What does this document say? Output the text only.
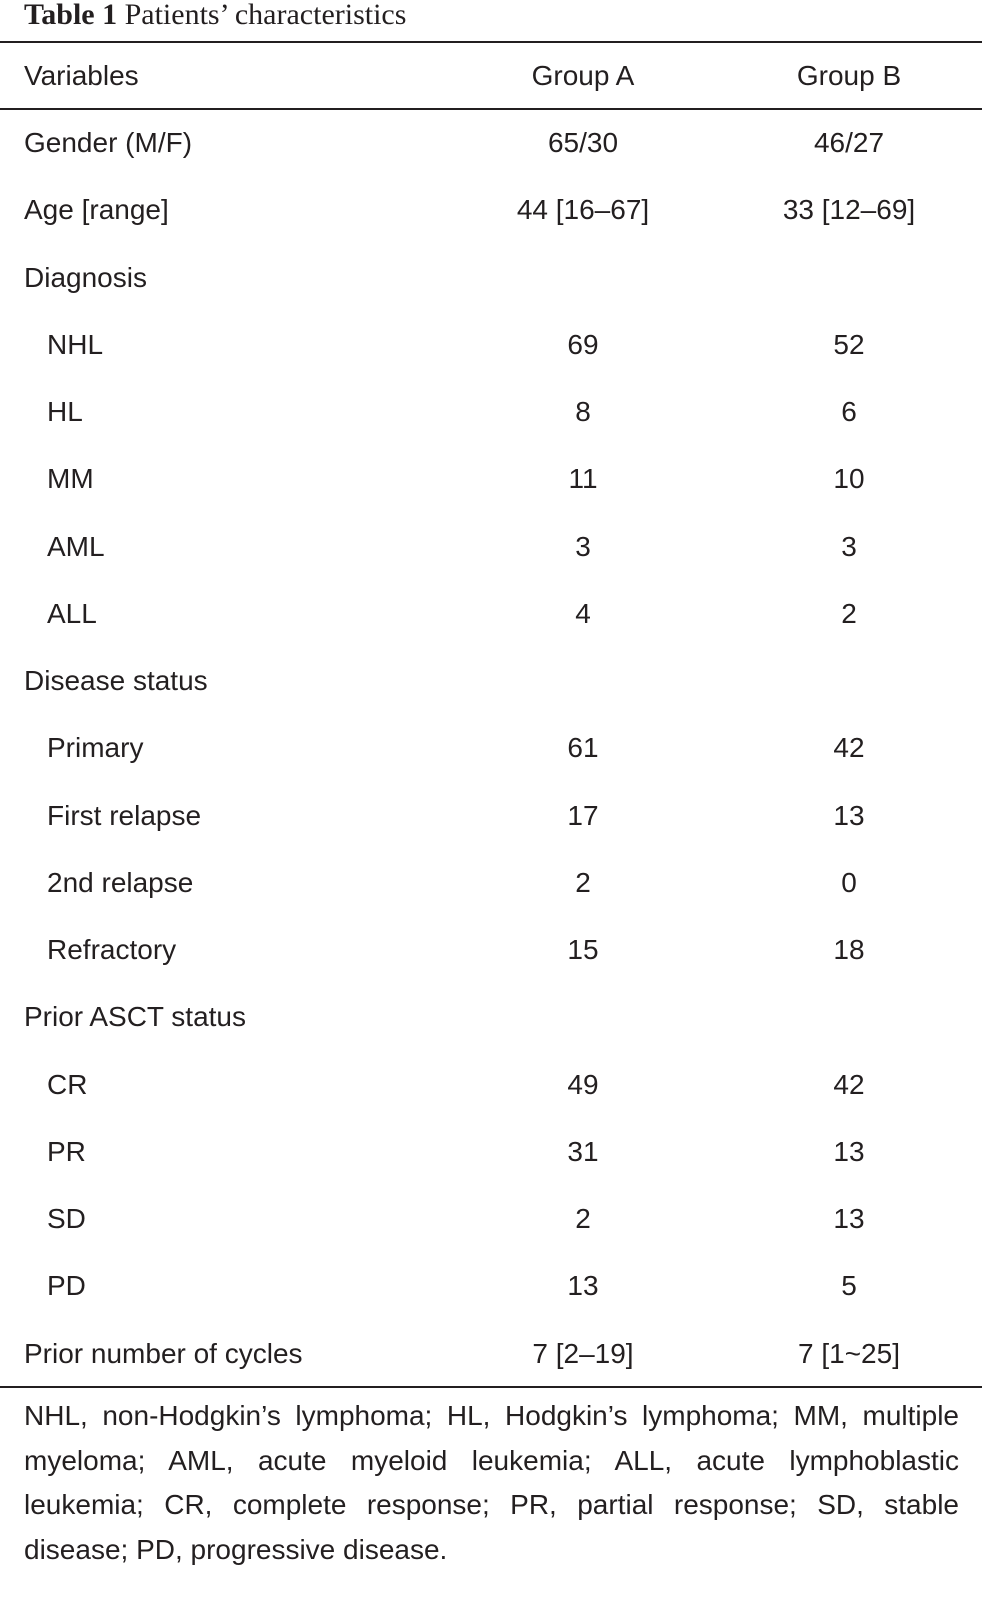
Table 1 Patients’ characteristics
Variables	Group A	Group B
Gender (M/F)	65/30	46/27
Age [range]	44 [16–67]	33 [12–69]
Diagnosis
NHL	69	52
HL	8	6
MM	11	10
AML	3	3
ALL	4	2
Disease status
Primary	61	42
First relapse	17	13
2nd relapse	2	0
Refractory	15	18
Prior ASCT status
CR	49	42
PR	31	13
SD	2	13
PD	13	5
Prior number of cycles	7 [2–19]	7 [1~25]
NHL, non-Hodgkin’s lymphoma; HL, Hodgkin’s lymphoma; MM, multiple myeloma; AML, acute myeloid leukemia; ALL, acute lymphoblastic leukemia; CR, complete response; PR, partial response; SD, stable disease; PD, progressive disease.
